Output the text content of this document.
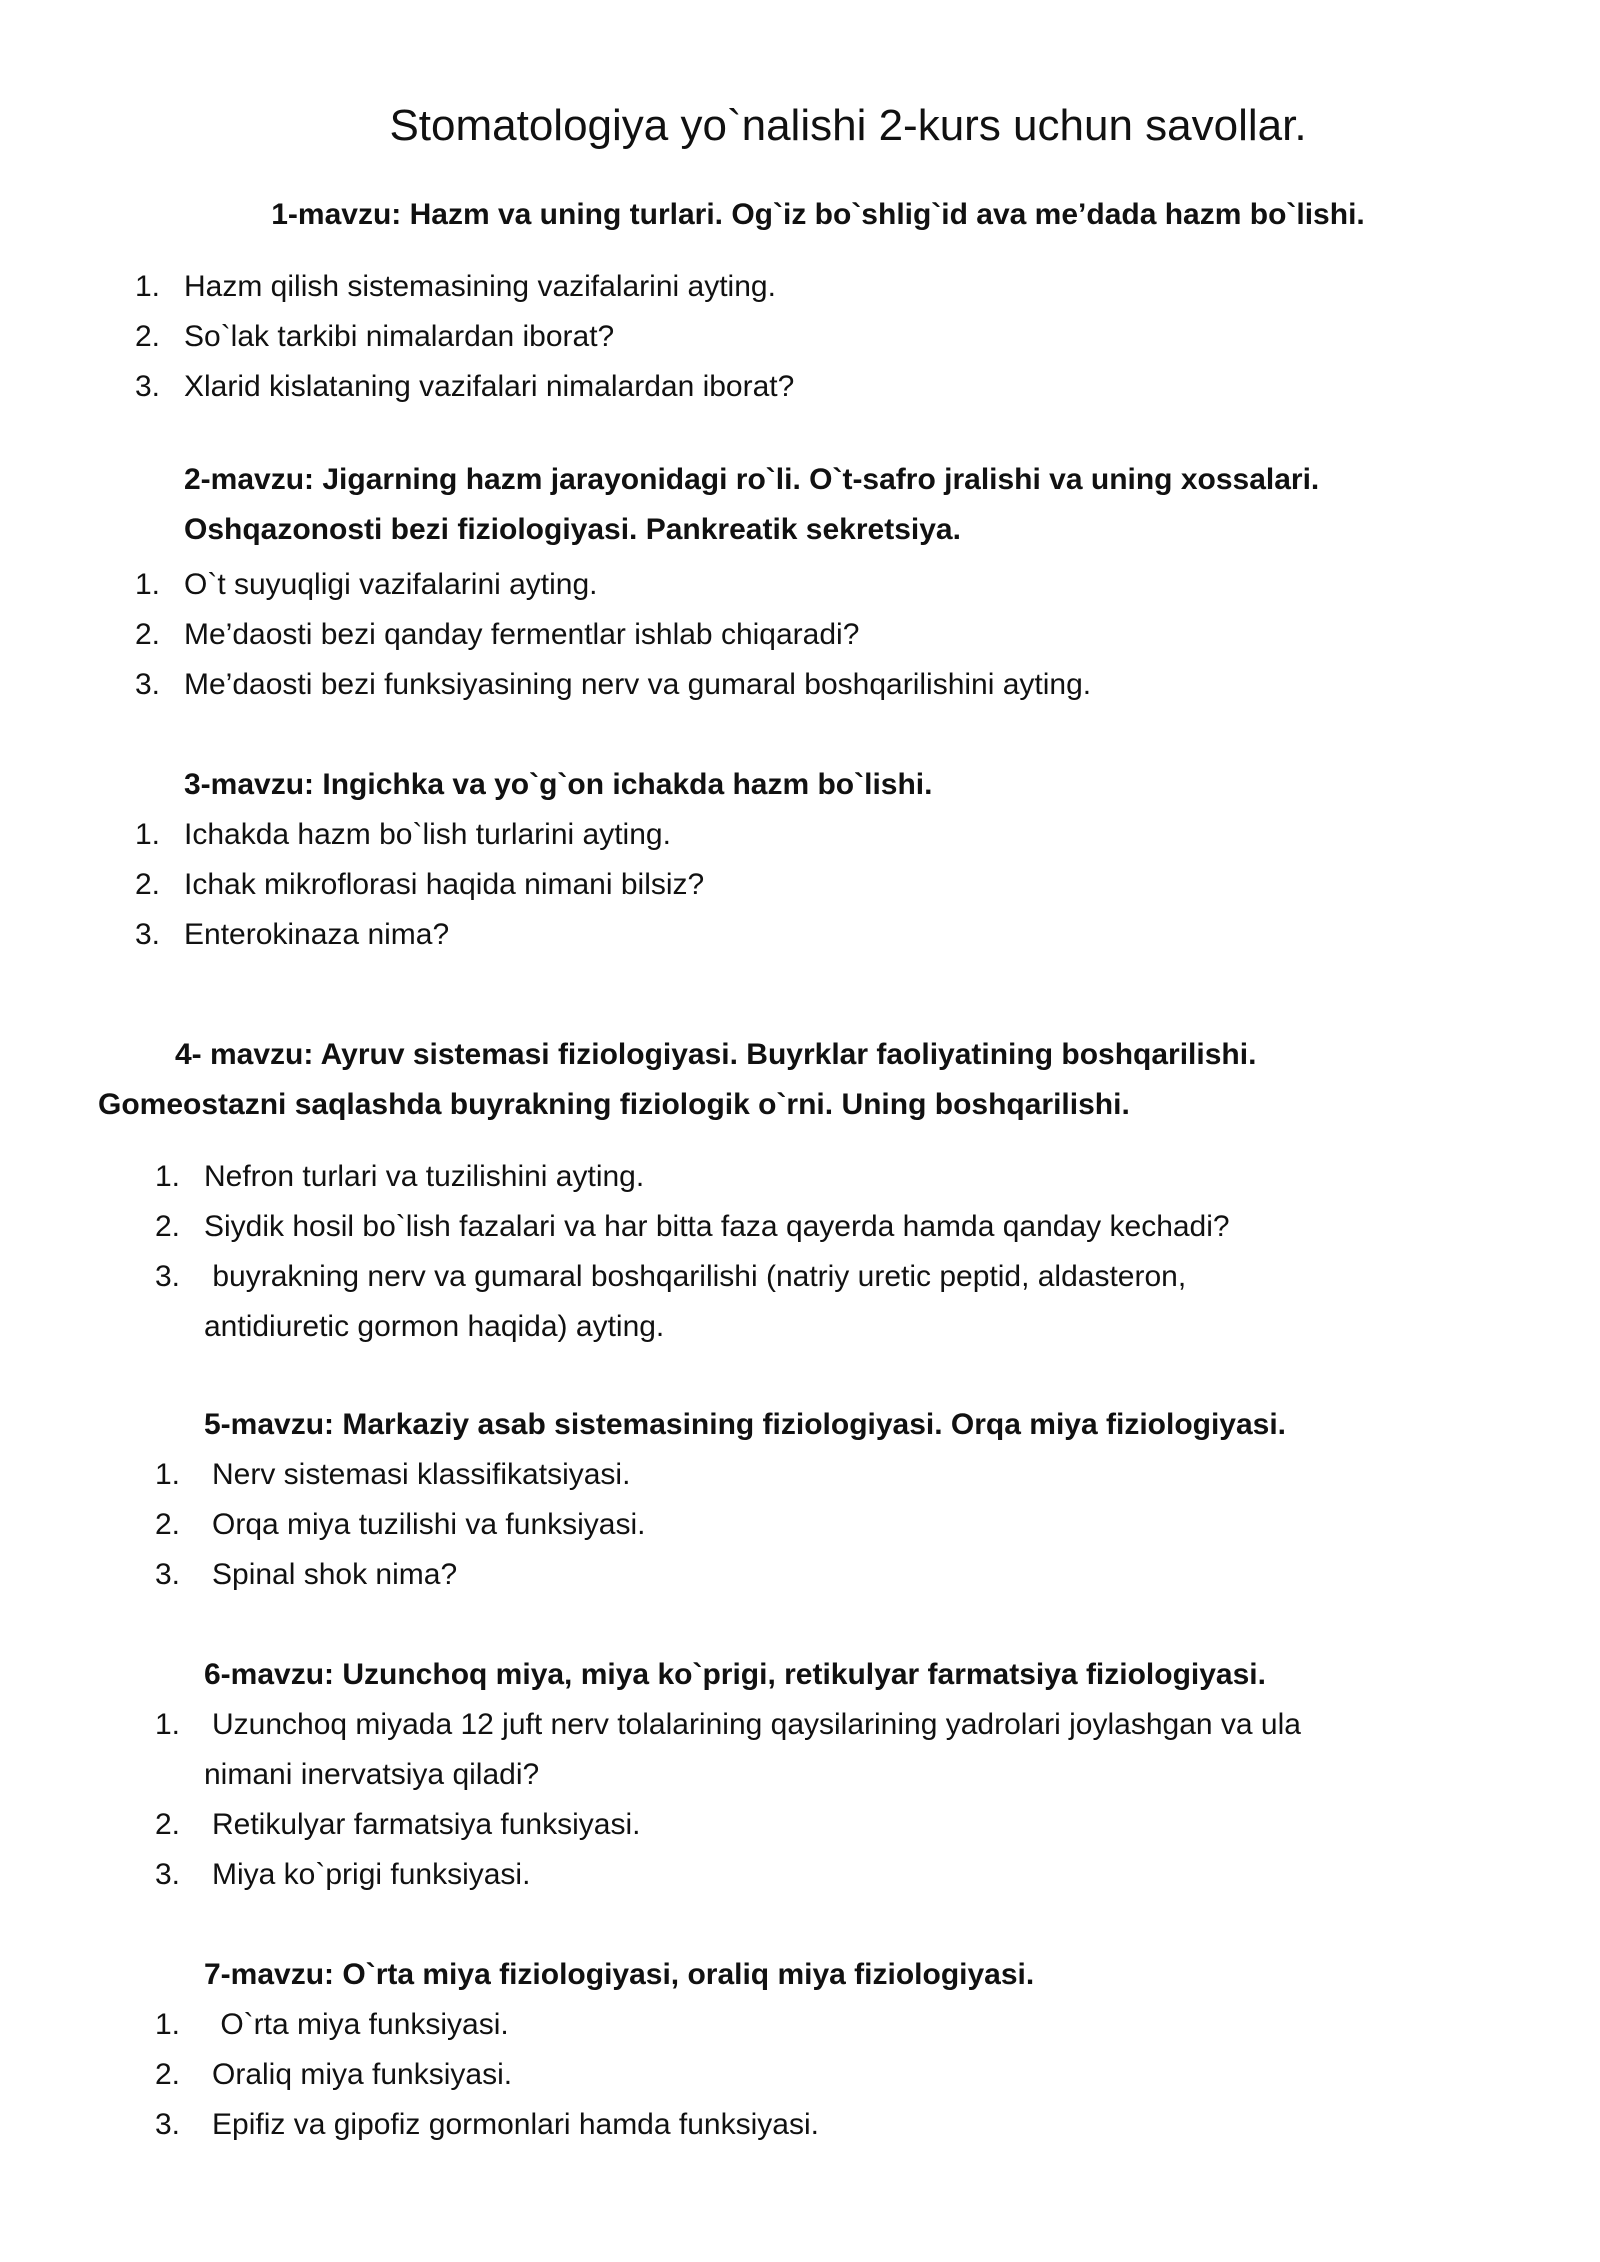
Stomatologiya yo`nalishi 2-kurs uchun savollar.
1-mavzu: Hazm va uning turlari. Og`iz bo`shlig`id ava me’dada hazm bo`lishi.
1. Hazm qilish sistemasining vazifalarini ayting.
2. So`lak tarkibi nimalardan iborat?
3. Xlarid kislataning vazifalari nimalardan iborat?
2-mavzu: Jigarning hazm jarayonidagi ro`li. O`t-safro jralishi va uning xossalari.
Oshqazonosti bezi fiziologiyasi. Pankreatik sekretsiya.
1. O`t suyuqligi vazifalarini ayting.
2. Me’daosti bezi qanday fermentlar ishlab chiqaradi?
3. Me’daosti bezi funksiyasining nerv va gumaral boshqarilishini ayting.
3-mavzu: Ingichka va yo`g`on ichakda hazm bo`lishi.
1. Ichakda hazm bo`lish turlarini ayting.
2. Ichak mikroflorasi haqida nimani bilsiz?
3. Enterokinaza nima?
4- mavzu: Ayruv sistemasi fiziologiyasi. Buyrklar faoliyatining boshqarilishi.
Gomeostazni saqlashda buyrakning fiziologik o`rni. Uning boshqarilishi.
1. Nefron turlari va tuzilishini ayting.
2. Siydik hosil bo`lish fazalari va har bitta faza qayerda hamda qanday kechadi?
3. buyrakning nerv va gumaral boshqarilishi (natriy uretic peptid, aldasteron,
antidiuretic gormon haqida) ayting.
5-mavzu: Markaziy asab sistemasining fiziologiyasi. Orqa miya fiziologiyasi.
1. Nerv sistemasi klassifikatsiyasi.
2. Orqa miya tuzilishi va funksiyasi.
3. Spinal shok nima?
6-mavzu: Uzunchoq miya, miya ko`prigi, retikulyar farmatsiya fiziologiyasi.
1. Uzunchoq miyada 12 juft nerv tolalarining qaysilarining yadrolari joylashgan va ula
nimani inervatsiya qiladi?
2. Retikulyar farmatsiya funksiyasi.
3. Miya ko`prigi funksiyasi.
7-mavzu: O`rta miya fiziologiyasi, oraliq miya fiziologiyasi.
1. O`rta miya funksiyasi.
2. Oraliq miya funksiyasi.
3. Epifiz va gipofiz gormonlari hamda funksiyasi.
